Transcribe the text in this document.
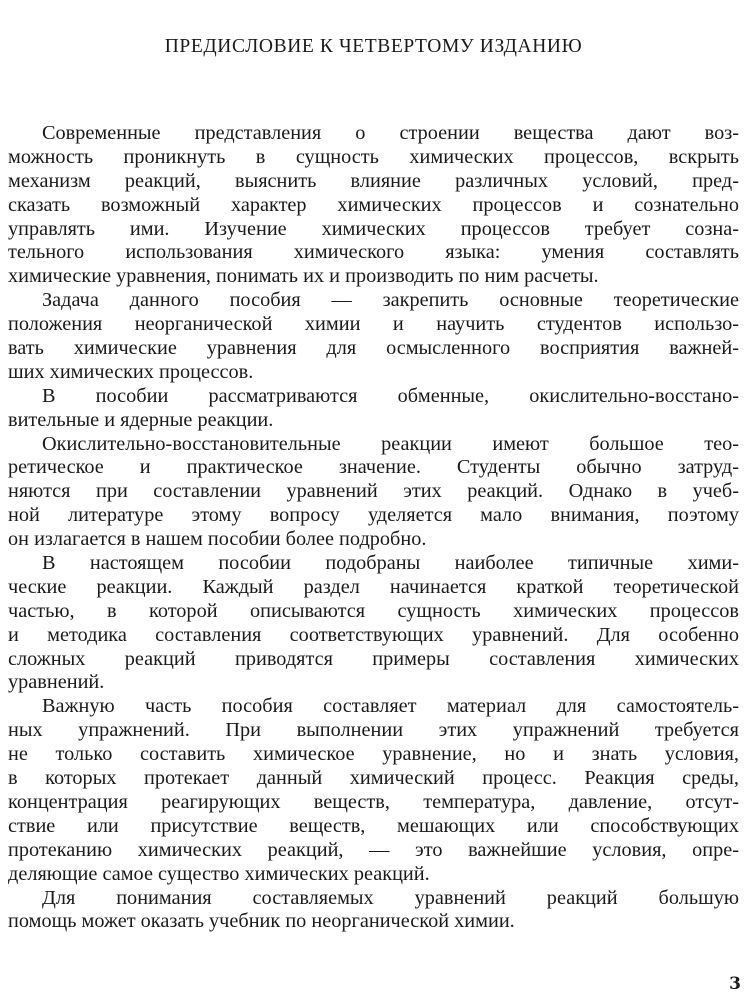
ПРЕДИСЛОВИЕ К ЧЕТВЕРТОМУ ИЗДАНИЮ
Современные представления о строении вещества дают воз-
можность проникнуть в сущность химических процессов, вскрыть
механизм реакций, выяснить влияние различных условий, пред-
сказать возможный характер химических процессов и сознательно
управлять ими. Изучение химических процессов требует созна-
тельного использования химического языка: умения составлять
химические уравнения, понимать их и производить по ним расчеты.
Задача данного пособия — закрепить основные теоретические
положения неорганической химии и научить студентов использо-
вать химические уравнения для осмысленного восприятия важней-
ших химических процессов.
В пособии рассматриваются обменные, окислительно-восстано-
вительные и ядерные реакции.
Окислительно-восстановительные реакции имеют большое тео-
ретическое и практическое значение. Студенты обычно затруд-
няются при составлении уравнений этих реакций. Однако в учеб-
ной литературе этому вопросу уделяется мало внимания, поэтому
он излагается в нашем пособии более подробно.
В настоящем пособии подобраны наиболее типичные хими-
ческие реакции. Каждый раздел начинается краткой теоретической
частью, в которой описываются сущность химических процессов
и методика составления соответствующих уравнений. Для особенно
сложных реакций приводятся примеры составления химических
уравнений.
Важную часть пособия составляет материал для самостоятель-
ных упражнений. При выполнении этих упражнений требуется
не только составить химическое уравнение, но и знать условия,
в которых протекает данный химический процесс. Реакция среды,
концентрация реагирующих веществ, температура, давление, отсут-
ствие или присутствие веществ, мешающих или способствующих
протеканию химических реакций, — это важнейшие условия, опре-
деляющие самое существо химических реакций.
Для понимания составляемых уравнений реакций большую
помощь может оказать учебник по неорганической химии.
3
